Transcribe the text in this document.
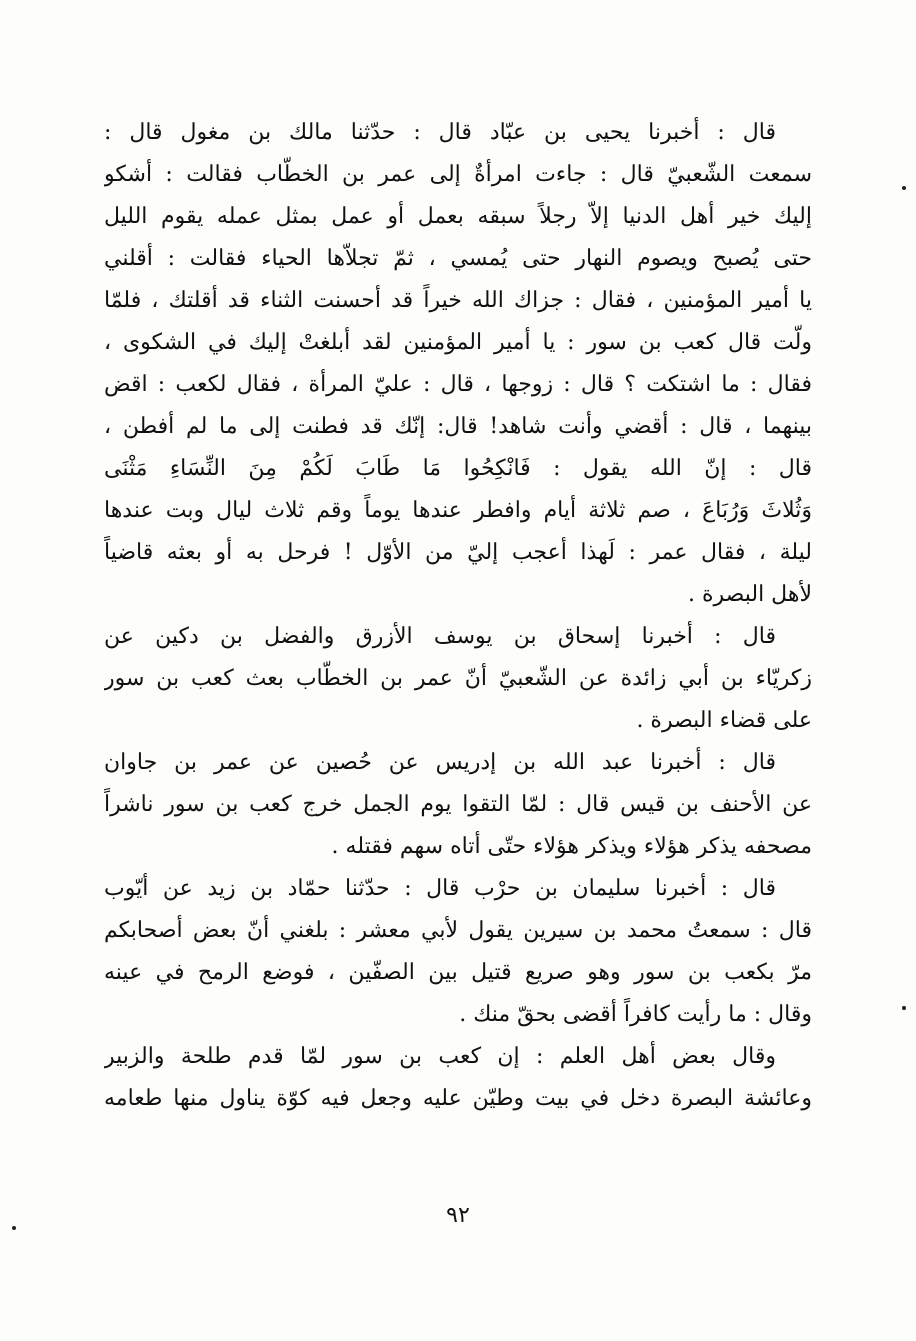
قال : أخبرنا يحيى بن عبّاد قال : حدّثنا مالك بن مغول قال :
سمعت الشّعبيّ قال : جاءت امرأةٌ إلى عمر بن الخطّاب فقالت : أشكو
إليك خير أهل الدنيا إلاّ رجلاً سبقه بعمل أو عمل بمثل عمله يقوم الليل
حتى يُصبح ويصوم النهار حتى يُمسي ، ثمّ تجلاّها الحياء فقالت : أقلني
يا أمير المؤمنين ، فقال : جزاك الله خيراً قد أحسنت الثناء قد أقلتك ، فلمّا
ولّت قال كعب بن سور : يا أمير المؤمنين لقد أبلغتْ إليك في الشكوى ،
فقال : ما اشتكت ؟ قال : زوجها ، قال : عليّ المرأة ، فقال لكعب : اقض
بينهما ، قال : أقضي وأنت شاهد! قال: إنّك قد فطنت إلى ما لم أفطن ،
قال : إنّ الله يقول : فَانْكِحُوا مَا طَابَ لَكُمْ مِنَ النِّسَاءِ مَثْنَى
وَثُلاثَ وَرُبَاعَ ، صم ثلاثة أيام وافطر عندها يوماً وقم ثلاث ليال وبت عندها
ليلة ، فقال عمر : لَهذا أعجب إليّ من الأوّل ! فرحل به أو بعثه قاضياً
لأهل البصرة .
قال : أخبرنا إسحاق بن يوسف الأزرق والفضل بن دكين عن
زكريّاء بن أبي زائدة عن الشّعبيّ أنّ عمر بن الخطّاب بعث كعب بن سور
على قضاء البصرة .
قال : أخبرنا عبد الله بن إدريس عن حُصين عن عمر بن جاوان
عن الأحنف بن قيس قال : لمّا التقوا يوم الجمل خرج كعب بن سور ناشراً
مصحفه يذكر هؤلاء ويذكر هؤلاء حتّى أتاه سهم فقتله .
قال : أخبرنا سليمان بن حرْب قال : حدّثنا حمّاد بن زيد عن أيّوب
قال : سمعتُ محمد بن سيرين يقول لأبي معشر : بلغني أنّ بعض أصحابكم
مرّ بكعب بن سور وهو صريع قتيل بين الصفّين ، فوضع الرمح في عينه
وقال : ما رأيت كافراً أقضى بحقّ منك .
وقال بعض أهل العلم : إن كعب بن سور لمّا قدم طلحة والزبير
وعائشة البصرة دخل في بيت وطيّن عليه وجعل فيه كوّة يناول منها طعامه
٩٢
